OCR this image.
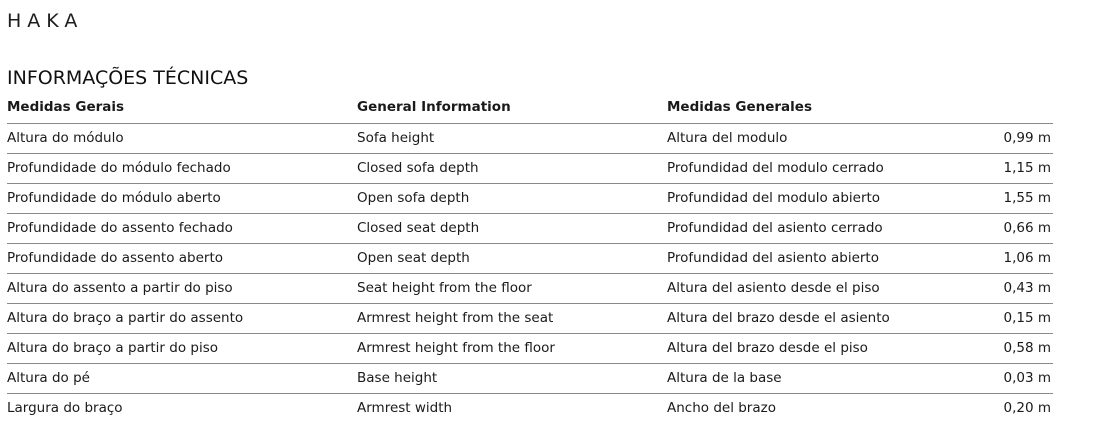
HAKA
INFORMAÇÕES TÉCNICAS
Medidas Gerais	General Information	Medidas Generales
Altura do módulo	Sofa height	Altura del modulo	0,99 m
Profundidade do módulo fechado	Closed sofa depth	Profundidad del modulo cerrado	1,15 m
Profundidade do módulo aberto	Open sofa depth	Profundidad del modulo abierto	1,55 m
Profundidade do assento fechado	Closed seat depth	Profundidad del asiento cerrado	0,66 m
Profundidade do assento aberto	Open seat depth	Profundidad del asiento abierto	1,06 m
Altura do assento a partir do piso	Seat height from the floor	Altura del asiento desde el piso	0,43 m
Altura do braço a partir do assento	Armrest height from the seat	Altura del brazo desde el asiento	0,15 m
Altura do braço a partir do piso	Armrest height from the floor	Altura del brazo desde el piso	0,58 m
Altura do pé	Base height	Altura de la base	0,03 m
Largura do braço	Armrest width	Ancho del brazo	0,20 m
